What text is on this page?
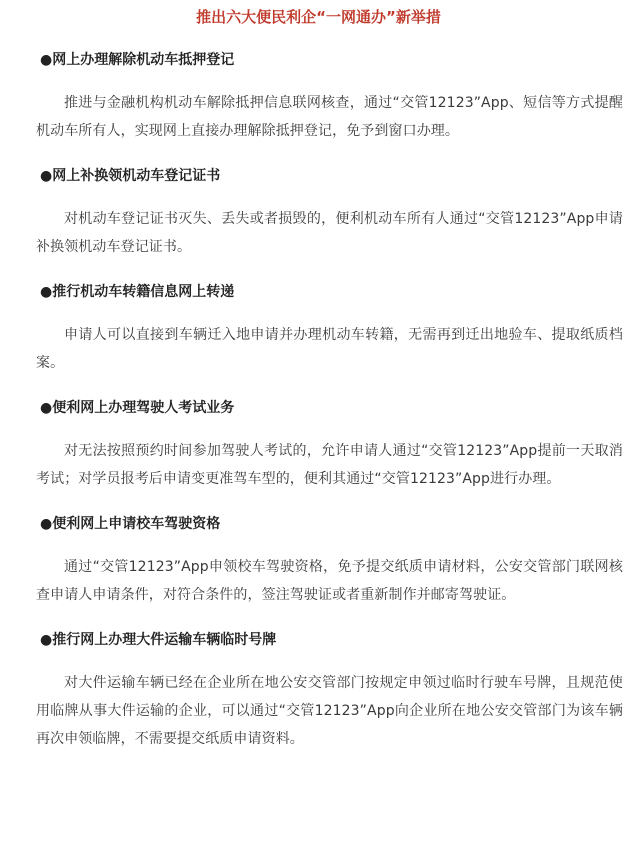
推出六大便民利企“一网通办”新举措

●网上办理解除机动车抵押登记

推进与金融机构机动车解除抵押信息联网核查，通过“交管12123”App、短信等方式提醒机动车所有人，实现网上直接办理解除抵押登记，免予到窗口办理。

●网上补换领机动车登记证书

对机动车登记证书灭失、丢失或者损毁的，便利机动车所有人通过“交管12123”App申请补换领机动车登记证书。

●推行机动车转籍信息网上转递

申请人可以直接到车辆迁入地申请并办理机动车转籍，无需再到迁出地验车、提取纸质档案。

●便利网上办理驾驶人考试业务

对无法按照预约时间参加驾驶人考试的，允许申请人通过“交管12123”App提前一天取消考试；对学员报考后申请变更准驾车型的，便利其通过“交管12123”App进行办理。

●便利网上申请校车驾驶资格

通过“交管12123”App申领校车驾驶资格，免予提交纸质申请材料，公安交管部门联网核查申请人申请条件，对符合条件的，签注驾驶证或者重新制作并邮寄驾驶证。

●推行网上办理大件运输车辆临时号牌

对大件运输车辆已经在企业所在地公安交管部门按规定申领过临时行驶车号牌，且规范使用临牌从事大件运输的企业，可以通过“交管12123”App向企业所在地公安交管部门为该车辆再次申领临牌，不需要提交纸质申请资料。
